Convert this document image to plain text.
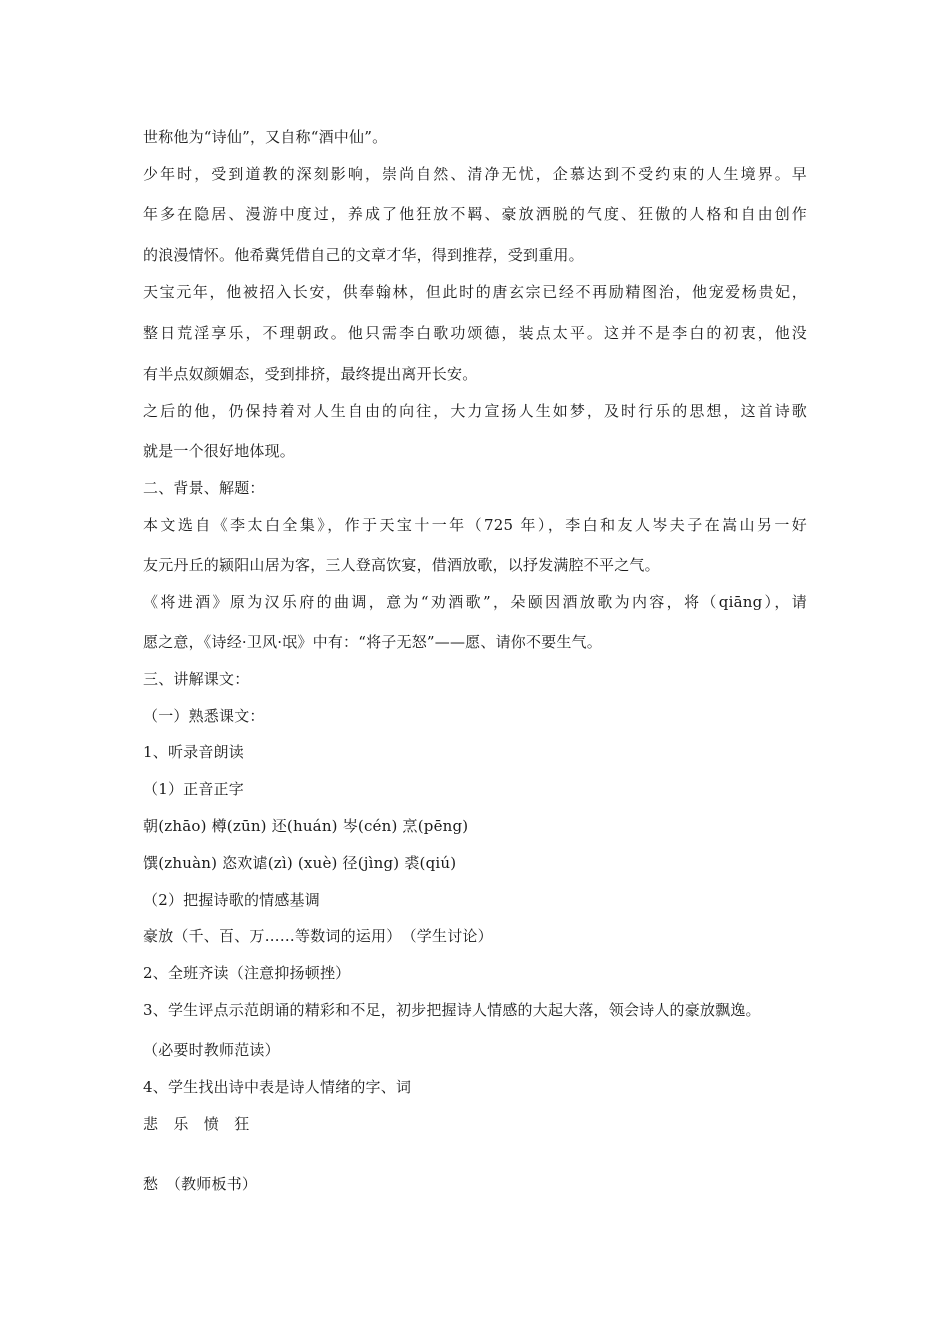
世称他为“诗仙”，又自称“酒中仙”。
少年时，受到道教的深刻影响，崇尚自然、清净无忧，企慕达到不受约束的人生境界。早
年多在隐居、漫游中度过，养成了他狂放不羁、豪放洒脱的气度、狂傲的人格和自由创作
的浪漫情怀。他希冀凭借自己的文章才华，得到推荐，受到重用。
天宝元年，他被招入长安，供奉翰林，但此时的唐玄宗已经不再励精图治，他宠爱杨贵妃，
整日荒淫享乐，不理朝政。他只需李白歌功颂德，装点太平。这并不是李白的初衷，他没
有半点奴颜媚态，受到排挤，最终提出离开长安。
之后的他，仍保持着对人生自由的向往，大力宣扬人生如梦，及时行乐的思想，这首诗歌
就是一个很好地体现。
二、背景、解题：
本文选自《李太白全集》，作于天宝十一年（725 年），李白和友人岑夫子在嵩山另一好
友元丹丘的颍阳山居为客，三人登高饮宴，借酒放歌，以抒发满腔不平之气。
《将进酒》原为汉乐府的曲调，意为“劝酒歌”，朵颐因酒放歌为内容，将（qiāng），请
愿之意，《诗经·卫风·氓》中有：“将子无怒”——愿、请你不要生气。
三、讲解课文：
（一）熟悉课文：
1、听录音朗读
（1）正音正字
朝(zhāo) 樽(zūn) 还(huán) 岑(cén) 烹(pēng)
馔(zhuàn) 恣欢谑(zì) (xuè) 径(jìng) 裘(qiú)
（2）把握诗歌的情感基调
豪放（千、百、万……等数词的运用）　（学生讨论）
2、全班齐读（注意抑扬顿挫）
3、学生评点示范朗诵的精彩和不足，初步把握诗人情感的大起大落，领会诗人的豪放飘逸。
（必要时教师范读）
4、学生找出诗中表是诗人情绪的字、词
悲　乐　愤　狂
愁　（教师板书）
